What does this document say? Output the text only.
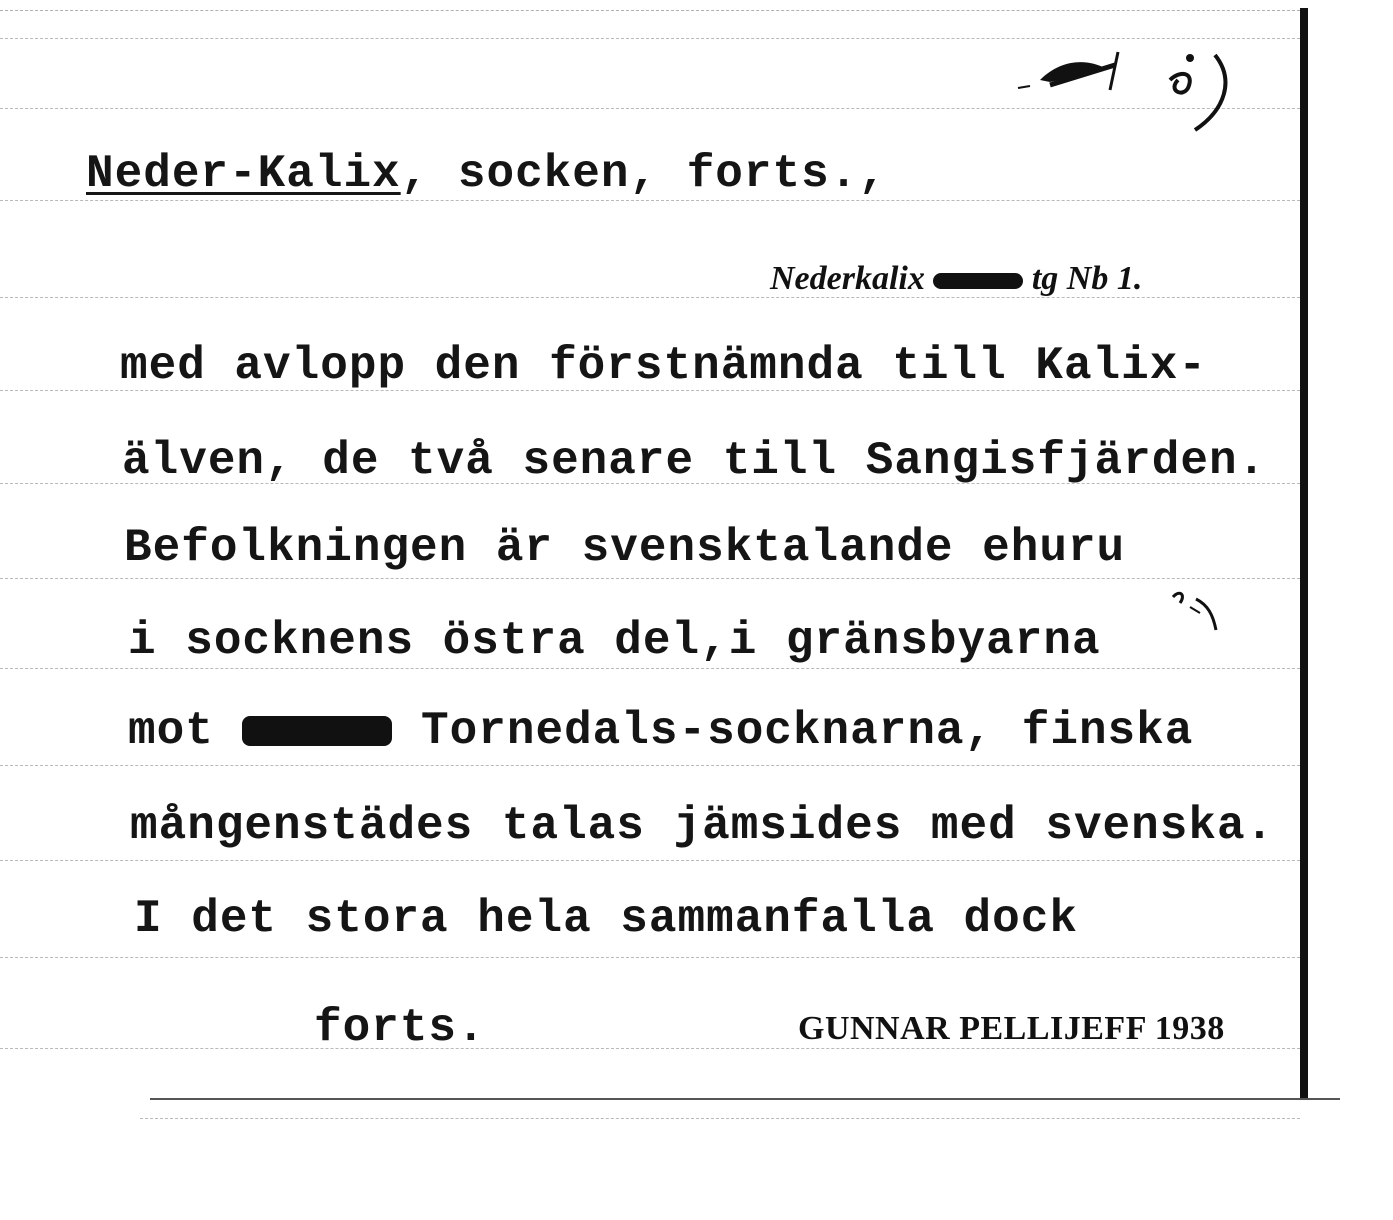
Neder-Kalix, socken, forts.,
Nederkalix	tg Nb 1.
med avlopp den förstnämnda till Kalix-
älven, de två senare till Sangisfjärden.
Befolkningen är svensktalande ehuru
i socknens östra del,i gränsbyarna
mot	Tornedals-socknarna, finska
mångenstädes talas jämsides med svenska.
I det stora hela sammanfalla dock
forts.	GUNNAR PELLIJEFF 1938
